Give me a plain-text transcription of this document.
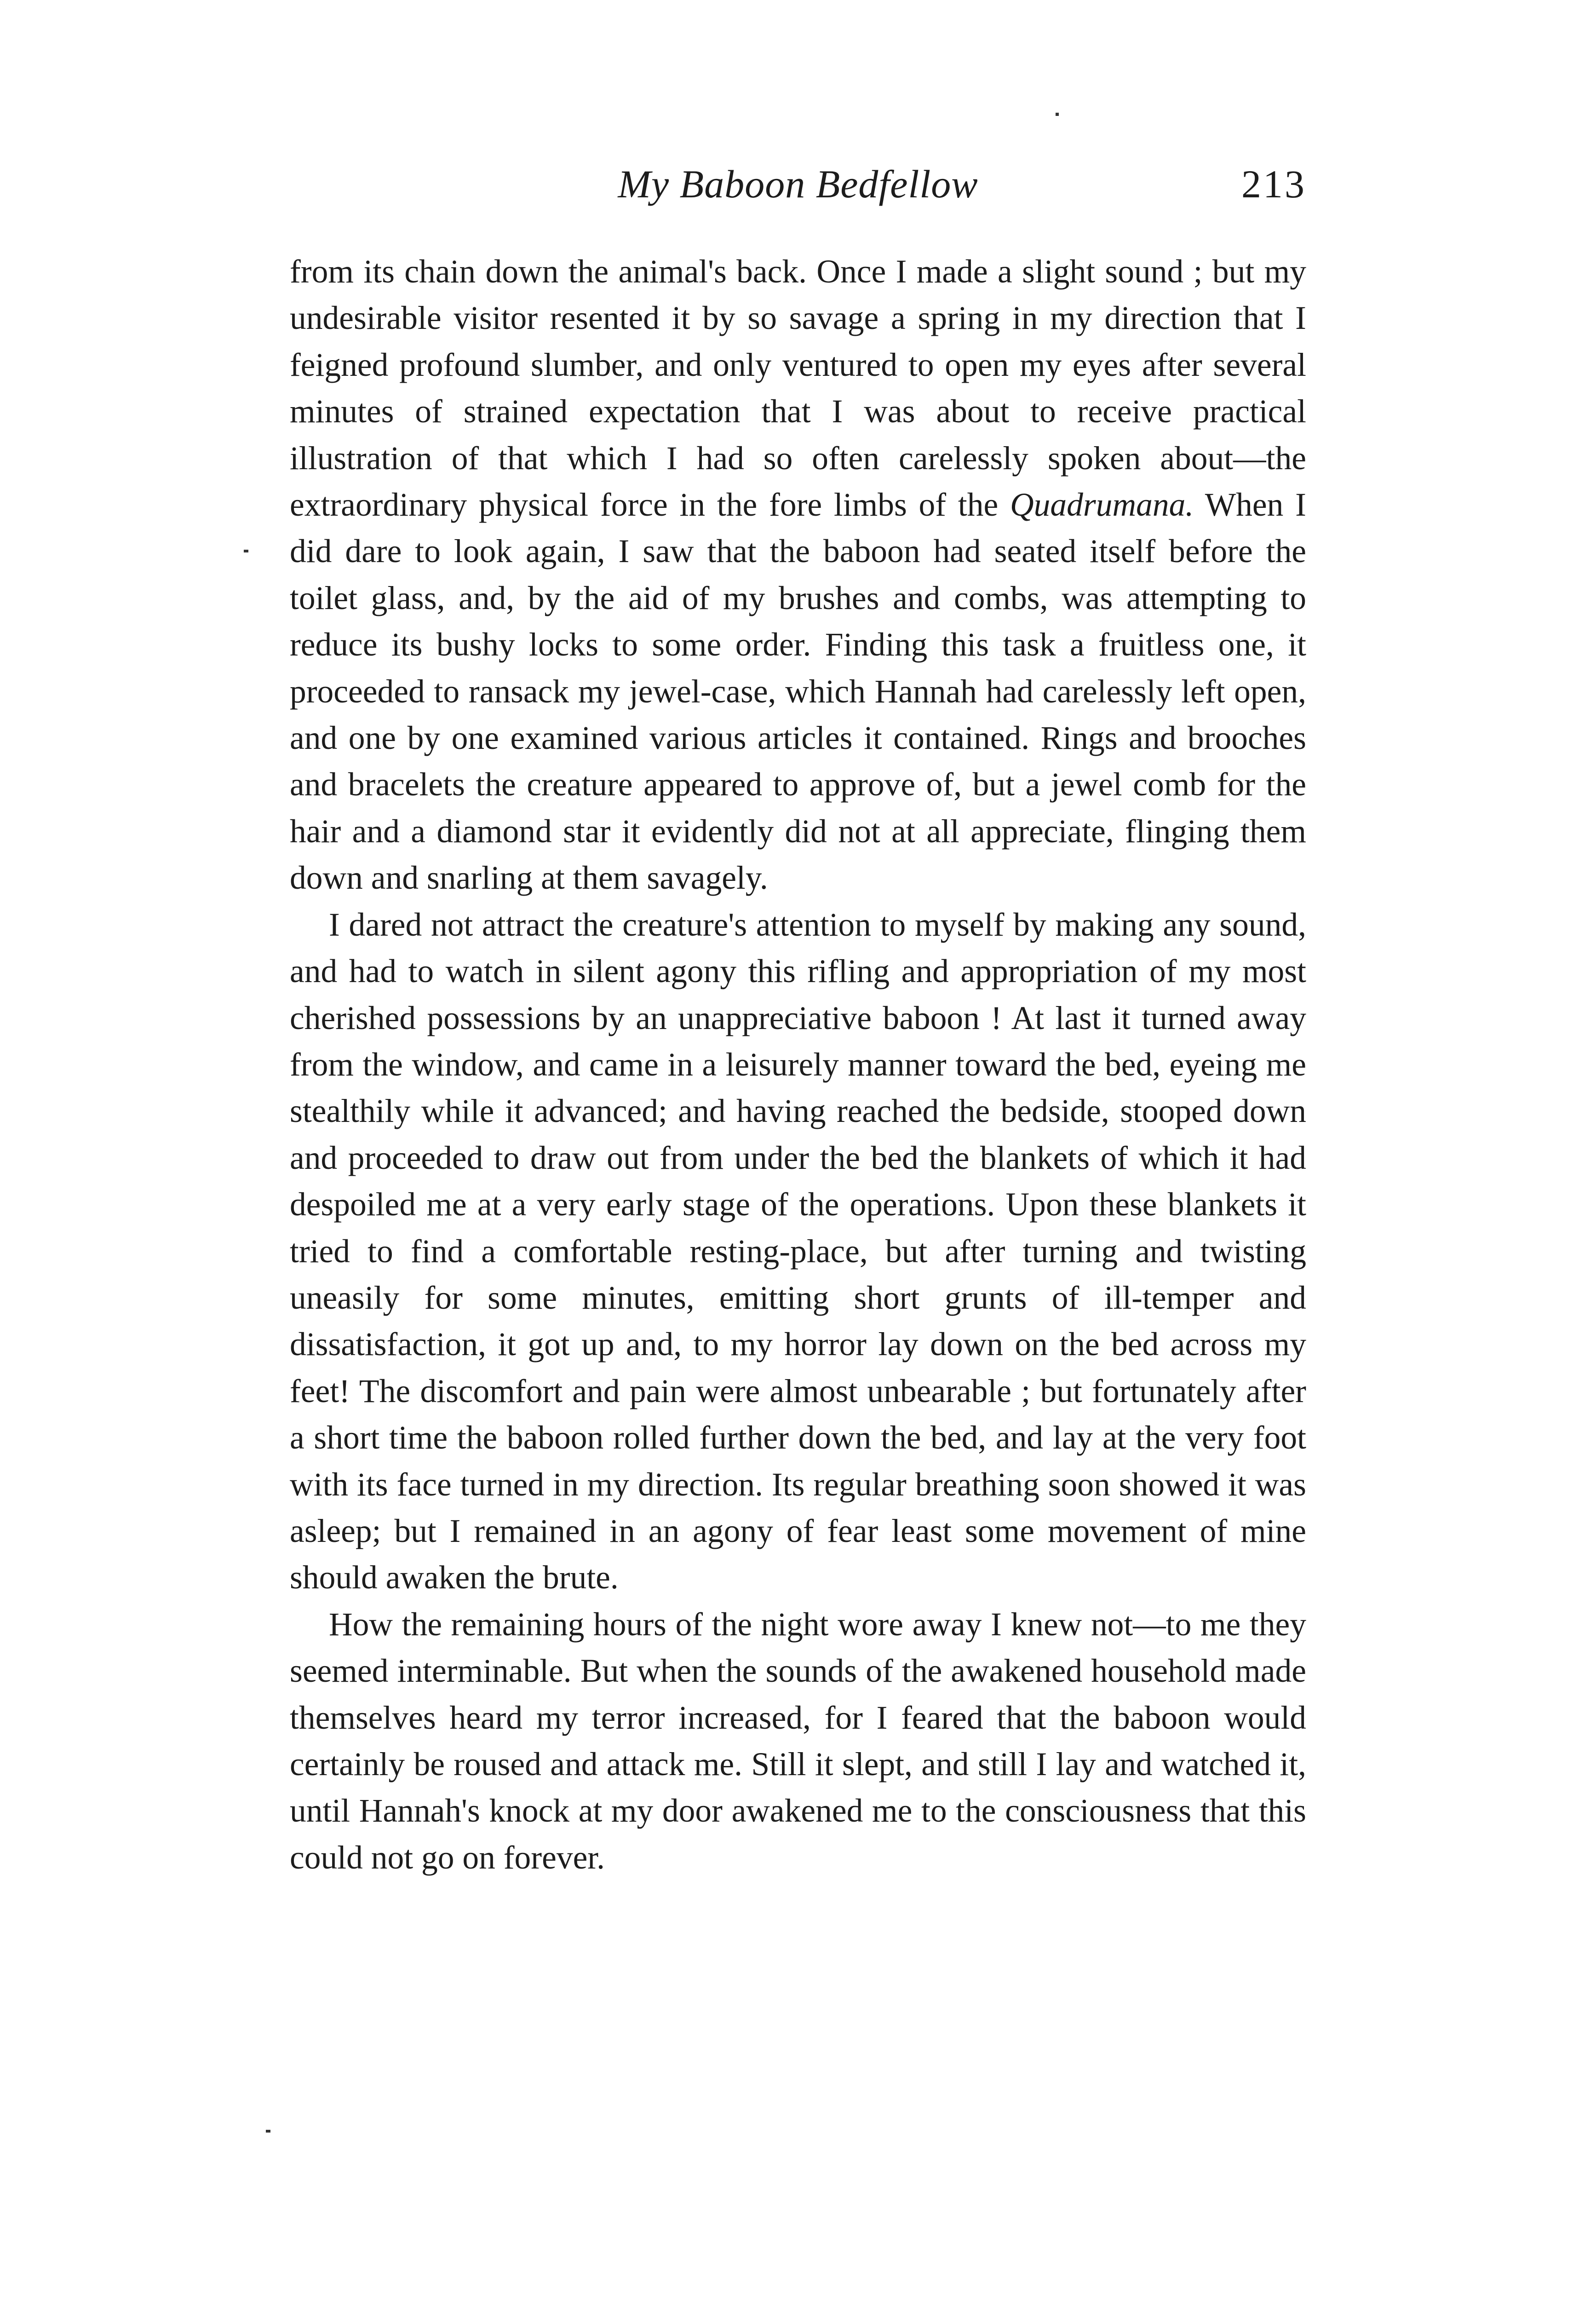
My Baboon Bedfellow	213

from its chain down the animal's back. Once I made a slight sound ; but my undesirable visitor resented it by so savage a spring in my direction that I feigned profound slumber, and only ventured to open my eyes after several minutes of strained expectation that I was about to receive practical illustration of that which I had so often carelessly spoken about—the extraordinary physical force in the fore limbs of the Quadrumana. When I did dare to look again, I saw that the baboon had seated itself before the toilet glass, and, by the aid of my brushes and combs, was attempting to reduce its bushy locks to some order. Finding this task a fruitless one, it proceeded to ransack my jewel-case, which Hannah had carelessly left open, and one by one examined various articles it contained. Rings and brooches and bracelets the creature appeared to approve of, but a jewel comb for the hair and a diamond star it evidently did not at all appreciate, flinging them down and snarling at them savagely.

I dared not attract the creature's attention to myself by making any sound, and had to watch in silent agony this rifling and appropriation of my most cherished possessions by an unappreciative baboon ! At last it turned away from the window, and came in a leisurely manner toward the bed, eyeing me stealthily while it advanced; and having reached the bedside, stooped down and proceeded to draw out from under the bed the blankets of which it had despoiled me at a very early stage of the operations. Upon these blankets it tried to find a comfortable resting-place, but after turning and twisting uneasily for some minutes, emitting short grunts of ill-temper and dissatisfaction, it got up and, to my horror lay down on the bed across my feet! The discomfort and pain were almost unbearable ; but fortunately after a short time the baboon rolled further down the bed, and lay at the very foot with its face turned in my direction. Its regular breathing soon showed it was asleep; but I remained in an agony of fear least some movement of mine should awaken the brute.

How the remaining hours of the night wore away I knew not—to me they seemed interminable. But when the sounds of the awakened household made themselves heard my terror increased, for I feared that the baboon would certainly be roused and attack me. Still it slept, and still I lay and watched it, until Hannah's knock at my door awakened me to the consciousness that this could not go on forever.
